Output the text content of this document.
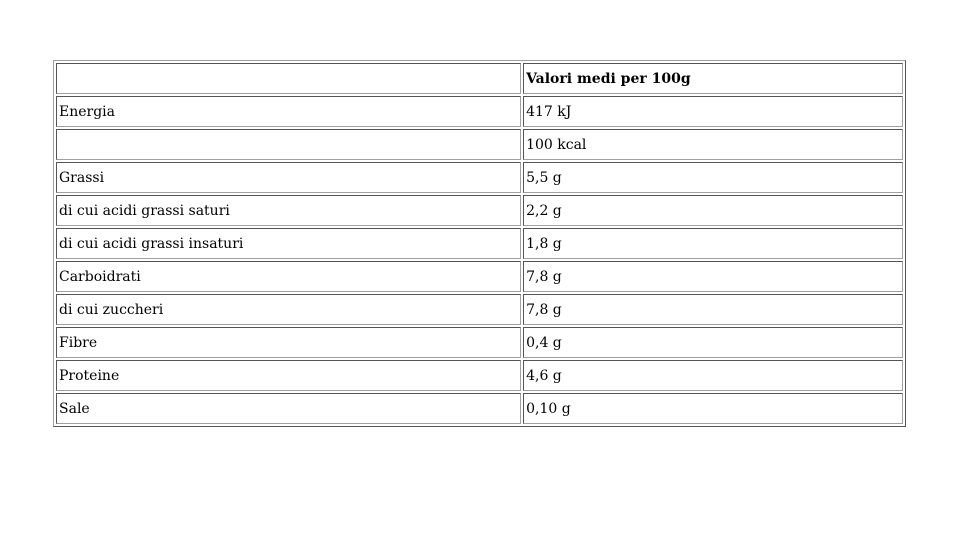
	Valori medi per 100g
Energia	417 kJ
	100 kcal
Grassi	5,5 g
di cui acidi grassi saturi	2,2 g
di cui acidi grassi insaturi	1,8 g
Carboidrati	7,8 g
di cui zuccheri	7,8 g
Fibre	0,4 g
Proteine	4,6 g
Sale	0,10 g
